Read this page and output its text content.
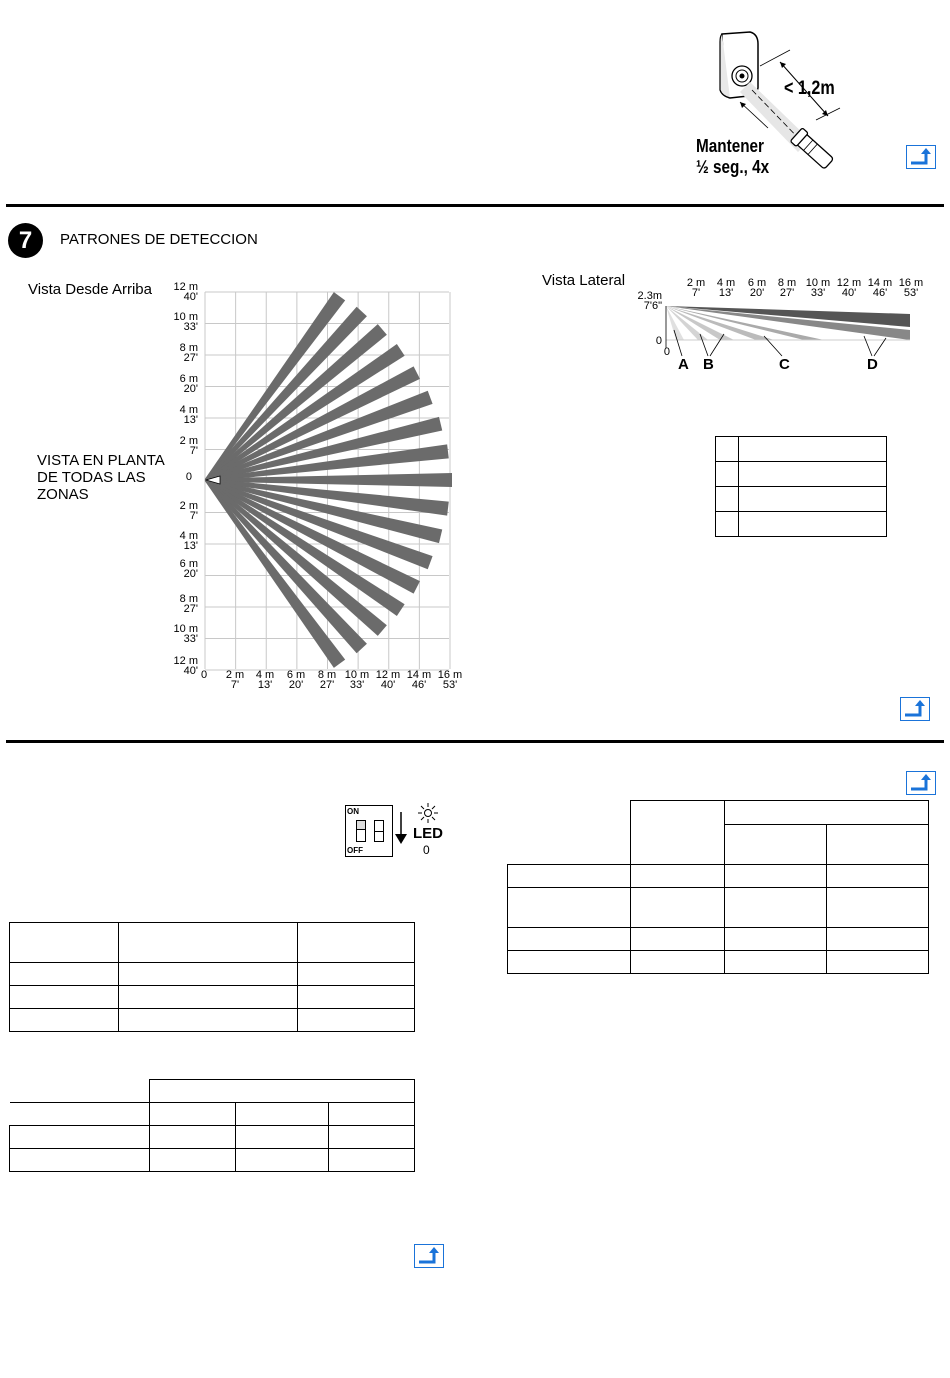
< 1,2m
Mantener
½ seg., 4x
7	PATRONES DE DETECCION
Vista Desde Arriba
VISTA EN PLANTA
DE TODAS LAS
ZONAS
12 m
40'
10 m
33'
8 m
27'
6 m
20'
4 m
13'
2 m
7'
0
2 m
7'
4 m
13'
6 m
20'
8 m
27'
10 m
33'
12 m
40' 0	2 m
7'
4 m
13'
6 m
20'
8 m
27'
10 m
33'
12 m
40'
14 m
46'
16 m
53'
Vista Lateral	2 m
7'
4 m
13'
6 m
20'
8 m
27'
10 m
33'
12 m
40'
14 m
46'
16 m
53'
2.3m
7'6"
0
0
A B	C	D

ON
OFF
LED
0
